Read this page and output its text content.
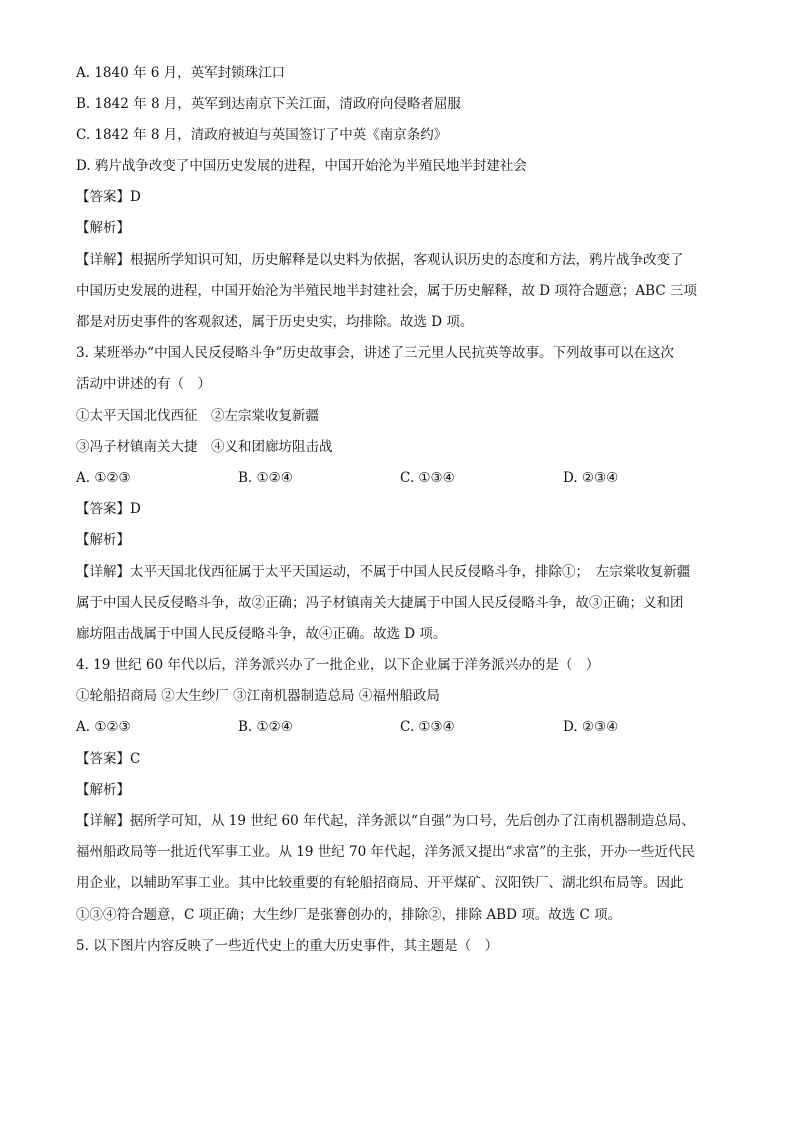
A. 1840 年 6 月，英军封锁珠江口
B. 1842 年 8 月，英军到达南京下关江面，清政府向侵略者屈服
C. 1842 年 8 月，清政府被迫与英国签订了中英《南京条约》
D. 鸦片战争改变了中国历史发展的进程，中国开始沦为半殖民地半封建社会
【答案】D
【解析】
【详解】根据所学知识可知，历史解释是以史料为依据，客观认识历史的态度和方法，鸦片战争改变了
中国历史发展的进程，中国开始沦为半殖民地半封建社会，属于历史解释，故 D 项符合题意；ABC 三项
都是对历史事件的客观叙述，属于历史史实，均排除。故选 D 项。
3. 某班举办“中国人民反侵略斗争”历史故事会，讲述了三元里人民抗英等故事。下列故事可以在这次
活动中讲述的有（　）
①太平天国北伐西征　②左宗棠收复新疆
③冯子材镇南关大捷　④义和团廊坊阻击战
A. ①②③	B. ①②④	C. ①③④	D. ②③④
【答案】D
【解析】
【详解】太平天国北伐西征属于太平天国运动，不属于中国人民反侵略斗争，排除①；　左宗棠收复新疆
属于中国人民反侵略斗争，故②正确；冯子材镇南关大捷属于中国人民反侵略斗争，故③正确；义和团
廊坊阻击战属于中国人民反侵略斗争，故④正确。故选 D 项。
4. 19 世纪 60 年代以后，洋务派兴办了一批企业，以下企业属于洋务派兴办的是（　）
①轮船招商局 ②大生纱厂 ③江南机器制造总局 ④福州船政局
A. ①②③	B. ①②④	C. ①③④	D. ②③④
【答案】C
【解析】
【详解】据所学可知，从 19 世纪 60 年代起，洋务派以“自强”为口号，先后创办了江南机器制造总局、
福州船政局等一批近代军事工业。从 19 世纪 70 年代起，洋务派又提出“求富”的主张，开办一些近代民
用企业，以辅助军事工业。其中比较重要的有轮船招商局、开平煤矿、汉阳铁厂、湖北织布局等。因此
①③④符合题意，C 项正确；大生纱厂是张謇创办的，排除②，排除 ABD 项。故选 C 项。
5. 以下图片内容反映了一些近代史上的重大历史事件，其主题是（　）
